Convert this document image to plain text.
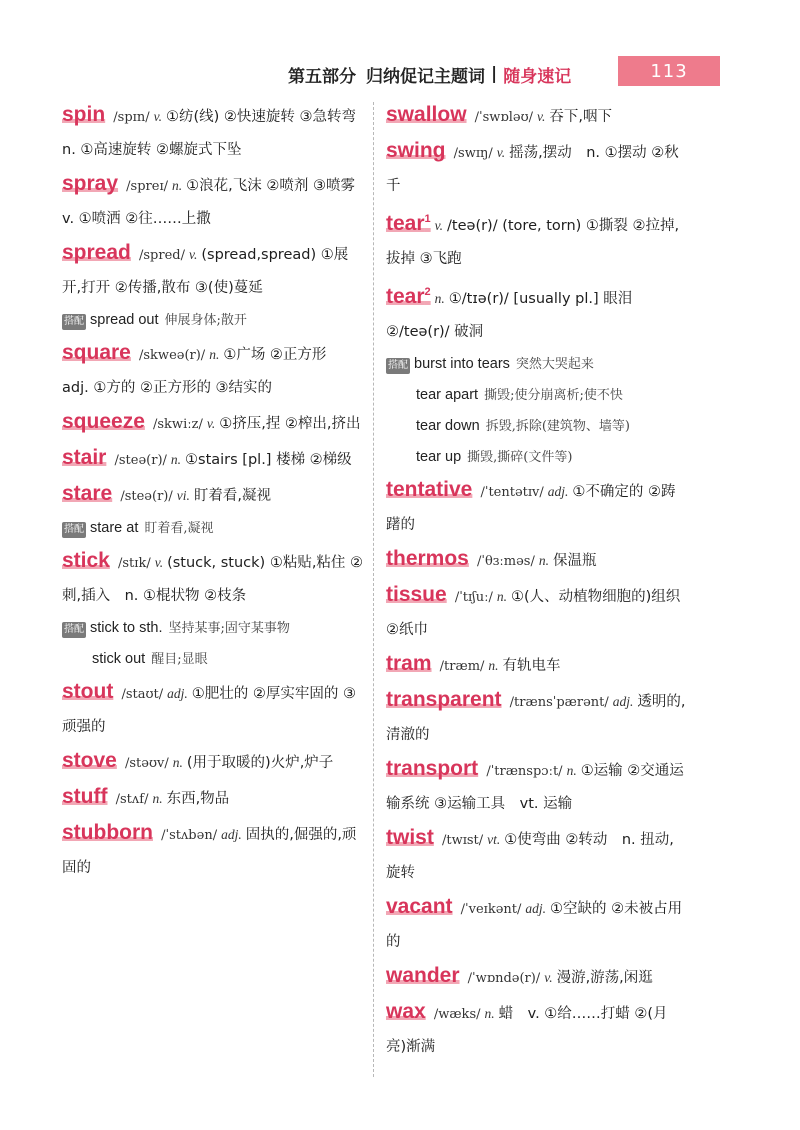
第五部分 归纳促记主题词 | 随身速记	113
spin /spɪn/ v. ①纺(线) ②快速旋转 ③急转弯　n. ①高速旋转 ②螺旋式下坠
spray /spreɪ/ n. ①浪花,飞沫 ②喷剂 ③喷雾　v. ①喷洒 ②往……上撒
spread /spred/ v. (spread,spread) ①展开,打开 ②传播,散布 ③(使)蔓延
搭配 spread out 伸展身体;散开
square /skweə(r)/ n. ①广场 ②正方形　adj. ①方的 ②正方形的 ③结实的
squeeze /skwiːz/ v. ①挤压,捏 ②榨出,挤出
stair /steə(r)/ n. ①stairs [pl.] 楼梯 ②梯级
stare /steə(r)/ vi. 盯着看,凝视
搭配 stare at 盯着看,凝视
stick /stɪk/ v. (stuck, stuck) ①粘贴,粘住 ②刺,插入　n. ①棍状物 ②枝条
搭配 stick to sth. 坚持某事;固守某事物
stick out 醒目;显眼
stout /staʊt/ adj. ①肥壮的 ②厚实牢固的 ③顽强的
stove /stəʊv/ n. (用于取暖的)火炉,炉子
stuff /stʌf/ n. 东西,物品
stubborn /ˈstʌbən/ adj. 固执的,倔强的,顽固的
swallow /ˈswɒləʊ/ v. 吞下,咽下
swing /swɪŋ/ v. 摇荡,摆动　n. ①摆动 ②秋千
tear$^1$ v. /teə(r)/ (tore, torn) ①撕裂 ②拉掉,拔掉 ③飞跑
tear$^2$ n. ①/tɪə(r)/ [usually pl.] 眼泪 ②/teə(r)/ 破洞
搭配 burst into tears 突然大哭起来
tear apart 撕毁;使分崩离析;使不快
tear down 拆毁,拆除(建筑物、墙等)
tear up 撕毁,撕碎(文件等)
tentative /ˈtentətɪv/ adj. ①不确定的 ②踌躇的
thermos /ˈθɜːməs/ n. 保温瓶
tissue /ˈtɪʃuː/ n. ①(人、动植物细胞的)组织 ②纸巾
tram /træm/ n. 有轨电车
transparent /trænsˈpærənt/ adj. 透明的,清澈的
transport /ˈtrænspɔːt/ n. ①运输 ②交通运输系统 ③运输工具　vt. 运输
twist /twɪst/ vt. ①使弯曲 ②转动　n. 扭动,旋转
vacant /ˈveɪkənt/ adj. ①空缺的 ②未被占用的
wander /ˈwɒndə(r)/ v. 漫游,游荡,闲逛
wax /wæks/ n. 蜡　v. ①给……打蜡 ②(月亮)渐满
